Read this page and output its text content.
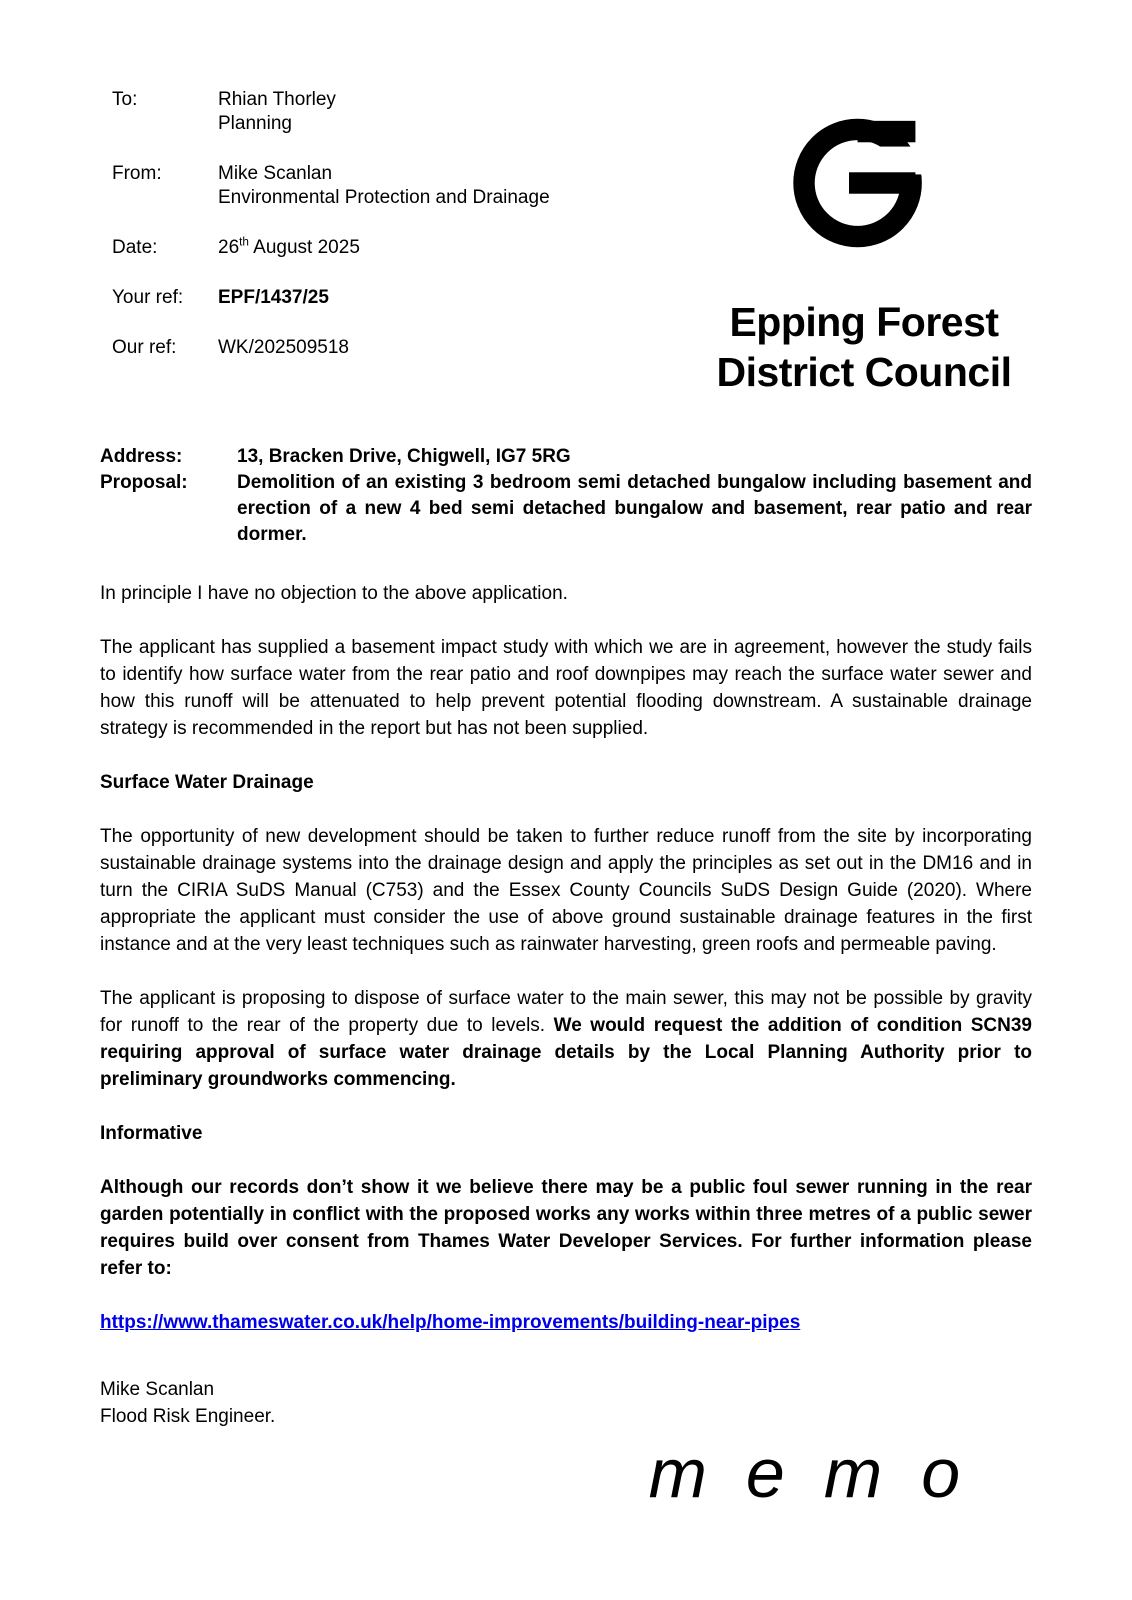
To:	Rhian Thorley
Planning
From:	Mike Scanlan
Environmental Protection and Drainage
Date:	26th August 2025
Your ref:	EPF/1437/25
Our ref:	WK/202509518
Epping Forest
District Council
Address:	13, Bracken Drive, Chigwell, IG7 5RG
Proposal:	Demolition of an existing 3 bedroom semi detached bungalow including basement and erection of a new 4 bed semi detached bungalow and basement, rear patio and rear dormer.

In principle I have no objection to the above application.

The applicant has supplied a basement impact study with which we are in agreement, however the study fails to identify how surface water from the rear patio and roof downpipes may reach the surface water sewer and how this runoff will be attenuated to help prevent potential flooding downstream. A sustainable drainage strategy is recommended in the report but has not been supplied.

Surface Water Drainage

The opportunity of new development should be taken to further reduce runoff from the site by incorporating sustainable drainage systems into the drainage design and apply the principles as set out in the DM16 and in turn the CIRIA SuDS Manual (C753) and the Essex County Councils SuDS Design Guide (2020). Where appropriate the applicant must consider the use of above ground sustainable drainage features in the first instance and at the very least techniques such as rainwater harvesting, green roofs and permeable paving.

The applicant is proposing to dispose of surface water to the main sewer, this may not be possible by gravity for runoff to the rear of the property due to levels. We would request the addition of condition SCN39 requiring approval of surface water drainage details by the Local Planning Authority prior to preliminary groundworks commencing.

Informative

Although our records don’t show it we believe there may be a public foul sewer running in the rear garden potentially in conflict with the proposed works any works within three metres of a public sewer requires build over consent from Thames Water Developer Services. For further information please refer to:

https://www.thameswater.co.uk/help/home-improvements/building-near-pipes
Mike Scanlan
Flood Risk Engineer.
m e m o
